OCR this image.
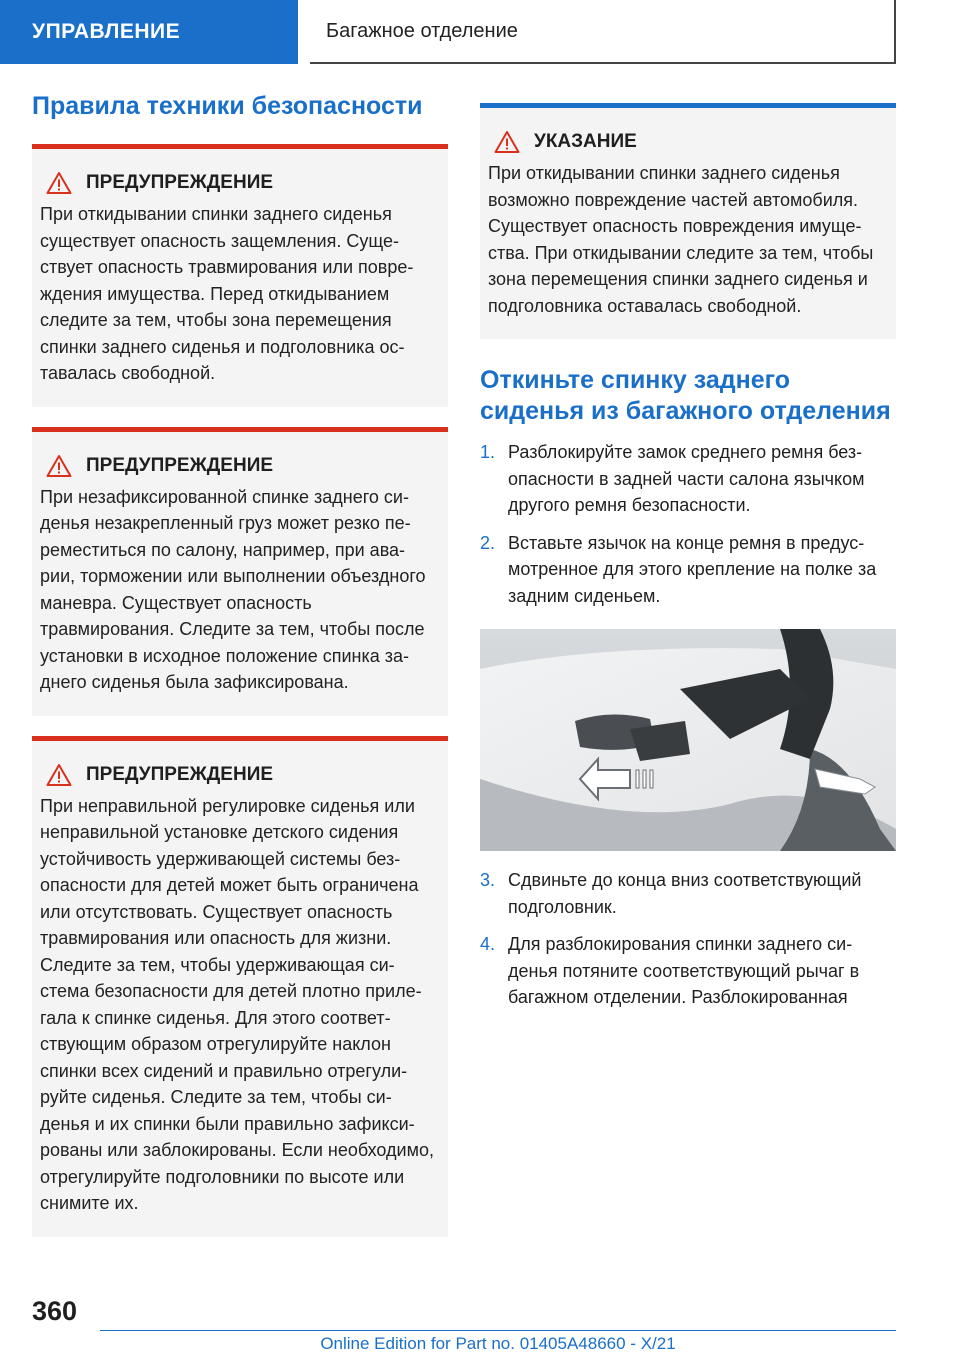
УПРАВЛЕНИЕ	Багажное отделение
Правила техники безопасности
ПРЕДУПРЕЖДЕНИЕ
При откидывании спинки заднего сиденья существует опасность защемления. Суще-ствует опасность травмирования или повре-ждения имущества. Перед откидыванием следите за тем, чтобы зона перемещения спинки заднего сиденья и подголовника ос-тавалась свободной.
ПРЕДУПРЕЖДЕНИЕ
При незафиксированной спинке заднего си-денья незакрепленный груз может резко пе-реместиться по салону, например, при ава-рии, торможении или выполнении объездного маневра. Существует опасность травмирования. Следите за тем, чтобы после установки в исходное положение спинка за-днего сиденья была зафиксирована.
ПРЕДУПРЕЖДЕНИЕ
При неправильной регулировке сиденья или неправильной установке детского сидения устойчивость удерживающей системы без-опасности для детей может быть ограничена или отсутствовать. Существует опасность травмирования или опасность для жизни. Следите за тем, чтобы удерживающая си-стема безопасности для детей плотно приле-гала к спинке сиденья. Для этого соответ-ствующим образом отрегулируйте наклон спинки всех сидений и правильно отрегули-руйте сиденья. Следите за тем, чтобы си-денья и их спинки были правильно зафикси-рованы или заблокированы. Если необходимо, отрегулируйте подголовники по высоте или снимите их.
УКАЗАНИЕ
При откидывании спинки заднего сиденья возможно повреждение частей автомобиля. Существует опасность повреждения имуще-ства. При откидывании следите за тем, чтобы зона перемещения спинки заднего сиденья и подголовника оставалась свободной.
Откиньте спинку заднего сиденья из багажного отделения
1. Разблокируйте замок среднего ремня без-опасности в задней части салона язычком другого ремня безопасности.
2. Вставьте язычок на конце ремня в предус-мотренное для этого крепление на полке за задним сиденьем.
3. Сдвиньте до конца вниз соответствующий подголовник.
4. Для разблокирования спинки заднего си-денья потяните соответствующий рычаг в багажном отделении. Разблокированная
360
Online Edition for Part no. 01405A48660 - X/21
